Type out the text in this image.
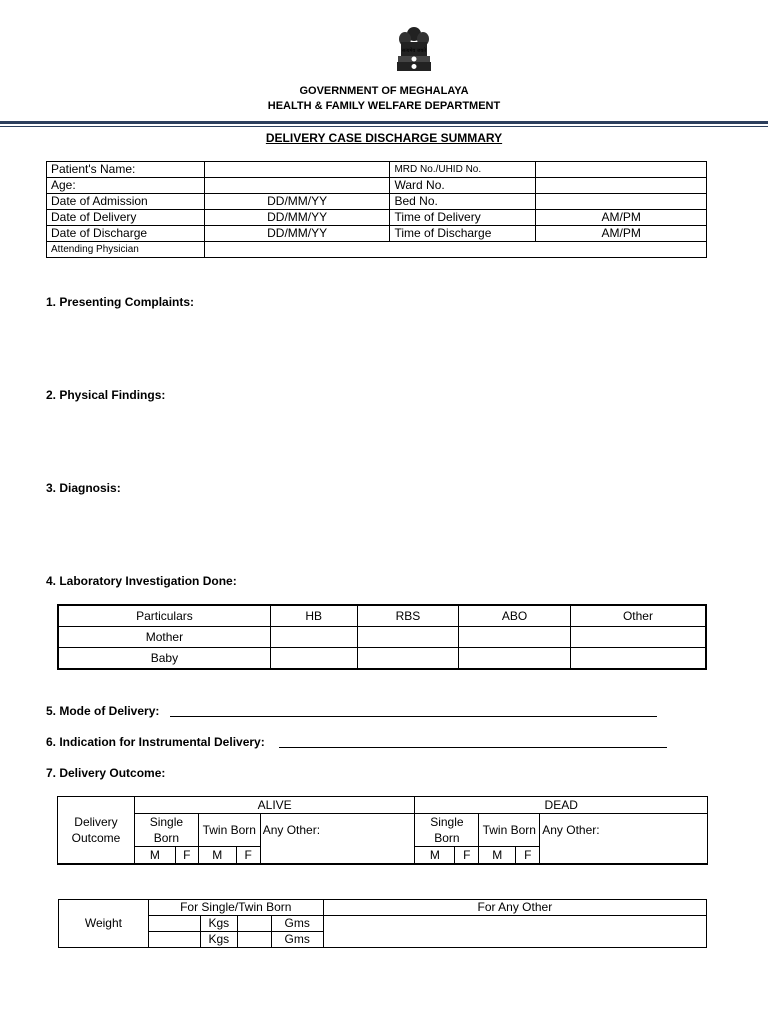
सत्यमेव जयते
GOVERNMENT OF MEGHALAYA
HEALTH & FAMILY WELFARE DEPARTMENT
DELIVERY CASE DISCHARGE SUMMARY
Patient's Name:		MRD No./UHID No.	
Age:		Ward No.	
Date of Admission	DD/MM/YY	Bed No.	
Date of Delivery	DD/MM/YY	Time of Delivery	AM/PM
Date of Discharge	DD/MM/YY	Time of Discharge	AM/PM
Attending Physician			
1. Presenting Complaints:
2. Physical Findings:
3. Diagnosis:
4. Laboratory Investigation Done:
Particulars	HB	RBS	ABO	Other
Mother				
Baby				
5. Mode of Delivery:
6. Indication for Instrumental Delivery:
7. Delivery Outcome:
Delivery Outcome	ALIVE					DEAD				
	Single Born		Twin Born		Any Other:	Single Born		Twin Born		Any Other:
	M	F	M	F		M	F	M	F	
Weight	For Single/Twin Born				For Any Other
		Kgs		Gms	
		Kgs		Gms	
